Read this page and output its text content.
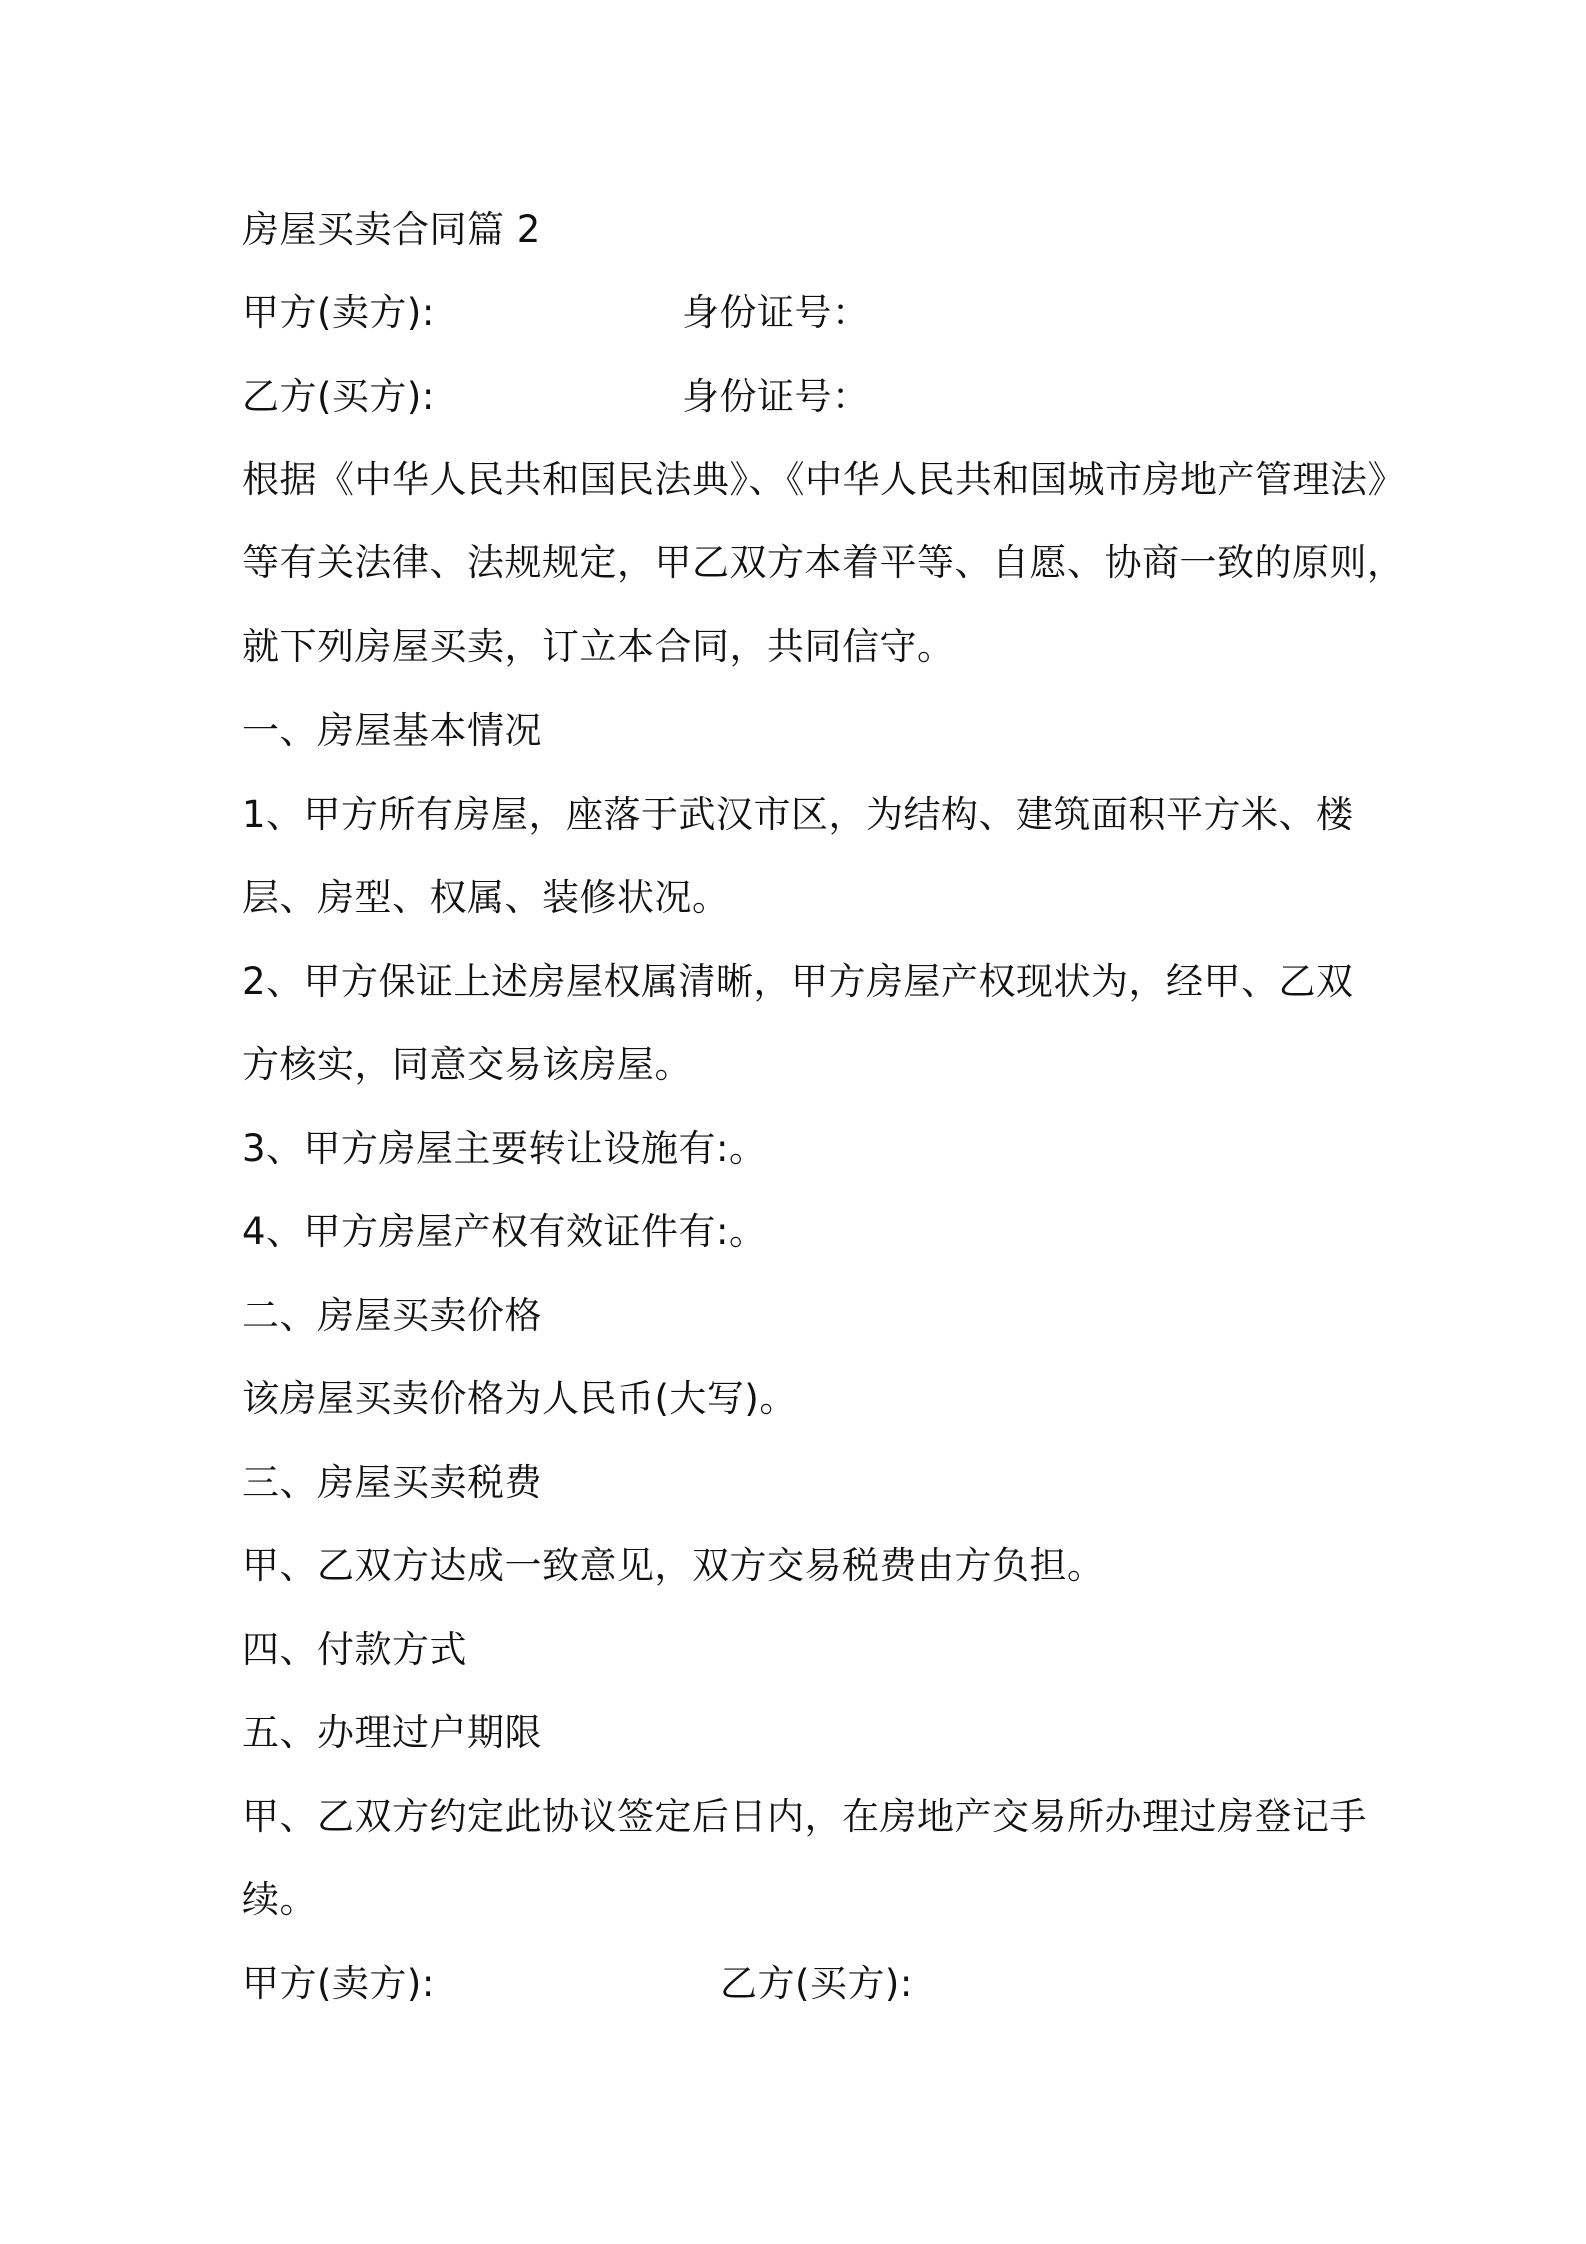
房屋买卖合同篇 2
甲方(卖方):	身份证号：
乙方(买方):	身份证号：
根据《中华人民共和国民法典》、《中华人民共和国城市房地产管理法》
等有关法律、法规规定，甲乙双方本着平等、自愿、协商一致的原则，
就下列房屋买卖，订立本合同，共同信守。
一、房屋基本情况
1、甲方所有房屋，座落于武汉市区，为结构、建筑面积平方米、楼
层、房型、权属、装修状况。
2、甲方保证上述房屋权属清晰，甲方房屋产权现状为，经甲、乙双
方核实，同意交易该房屋。
3、甲方房屋主要转让设施有:。
4、甲方房屋产权有效证件有:。
二、房屋买卖价格
该房屋买卖价格为人民币(大写)。
三、房屋买卖税费
甲、乙双方达成一致意见，双方交易税费由方负担。
四、付款方式
五、办理过户期限
甲、乙双方约定此协议签定后日内，在房地产交易所办理过房登记手
续。
甲方(卖方):	乙方(买方):
